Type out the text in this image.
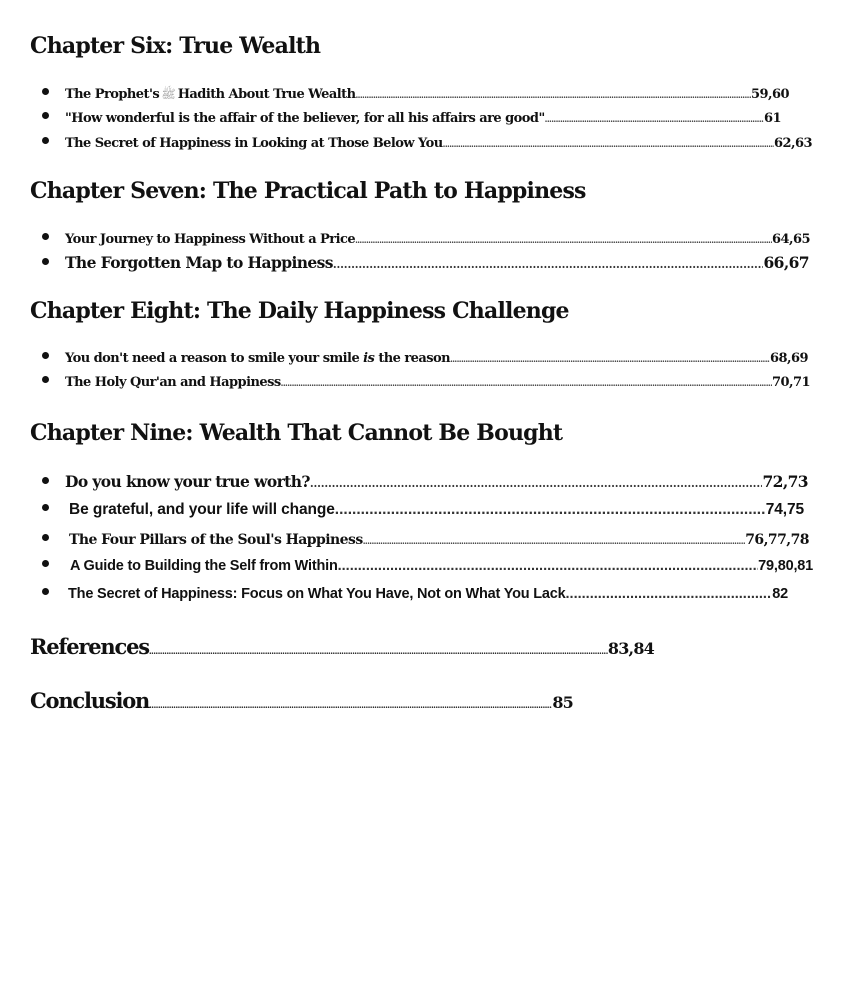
Chapter Six: True Wealth
The Prophet's ﷺ Hadith About True Wealth .....	59,60
"How wonderful is the affair of the believer, for all his affairs are good" .....	61
The Secret of Happiness in Looking at Those Below You .....	62,63
Chapter Seven: The Practical Path to Happiness
Your Journey to Happiness Without a Price .....	64,65
The Forgotten Map to Happiness .....	66,67
Chapter Eight: The Daily Happiness Challenge
You don't need a reason to smile your smile is the reason .....	68,69
The Holy Qur'an and Happiness .....	70,71
Chapter Nine: Wealth That Cannot Be Bought
Do you know your true worth? .....	72,73
Be grateful, and your life will change .....	74,75
The Four Pillars of the Soul's Happiness .....	76,77,78
A Guide to Building the Self from Within .....	79,80,81
The Secret of Happiness: Focus on What You Have, Not on What You Lack .....	82
References .....	83,84
Conclusion .....	85
